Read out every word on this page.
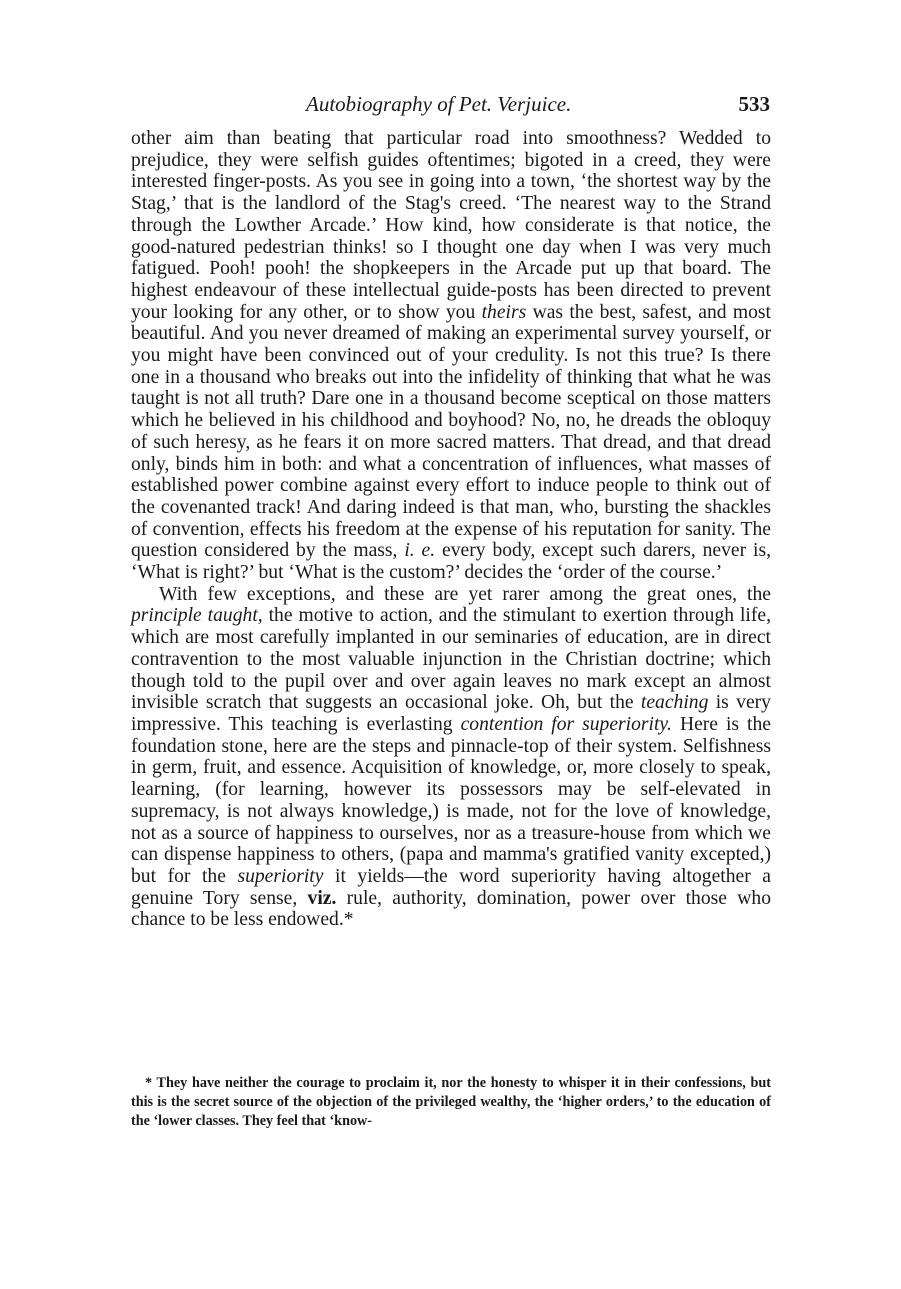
Autobiography of Pet. Verjuice.	533

other aim than beating that particular road into smoothness? Wedded to prejudice, they were selfish guides oftentimes; bigoted in a creed, they were interested finger-posts. As you see in going into a town, ‘the shortest way by the Stag,’ that is the landlord of the Stag's creed. ‘The nearest way to the Strand through the Lowther Arcade.’ How kind, how considerate is that notice, the good-natured pedestrian thinks! so I thought one day when I was very much fatigued. Pooh! pooh! the shopkeepers in the Arcade put up that board. The highest endeavour of these intellectual guide-posts has been directed to prevent your looking for any other, or to show you theirs was the best, safest, and most beautiful. And you never dreamed of making an experimental survey yourself, or you might have been convinced out of your credulity. Is not this true? Is there one in a thousand who breaks out into the infidelity of thinking that what he was taught is not all truth? Dare one in a thousand become sceptical on those matters which he believed in his childhood and boyhood? No, no, he dreads the obloquy of such heresy, as he fears it on more sacred matters. That dread, and that dread only, binds him in both: and what a concentration of influences, what masses of established power combine against every effort to induce people to think out of the covenanted track! And daring indeed is that man, who, bursting the shackles of convention, effects his freedom at the expense of his reputation for sanity. The question considered by the mass, i. e. every body, except such darers, never is, ‘What is right?’ but ‘What is the custom?’ decides the ‘order of the course.’

With few exceptions, and these are yet rarer among the great ones, the principle taught, the motive to action, and the stimulant to exertion through life, which are most carefully implanted in our seminaries of education, are in direct contravention to the most valuable injunction in the Christian doctrine; which though told to the pupil over and over again leaves no mark except an almost invisible scratch that suggests an occasional joke. Oh, but the teaching is very impressive. This teaching is everlasting contention for superiority. Here is the foundation stone, here are the steps and pinnacle-top of their system. Selfishness in germ, fruit, and essence. Acquisition of knowledge, or, more closely to speak, learning, (for learning, however its possessors may be self-elevated in supremacy, is not always knowledge,) is made, not for the love of knowledge, not as a source of happiness to ourselves, nor as a treasure-house from which we can dispense happiness to others, (papa and mamma's gratified vanity excepted,) but for the superiority it yields—the word superiority having altogether a genuine Tory sense, viz. rule, authority, domination, power over those who chance to be less endowed.*

* They have neither the courage to proclaim it, nor the honesty to whisper it in their confessions, but this is the secret source of the objection of the privileged wealthy, the ‘higher orders,’ to the education of the ‘lower classes. They feel that ‘know-
